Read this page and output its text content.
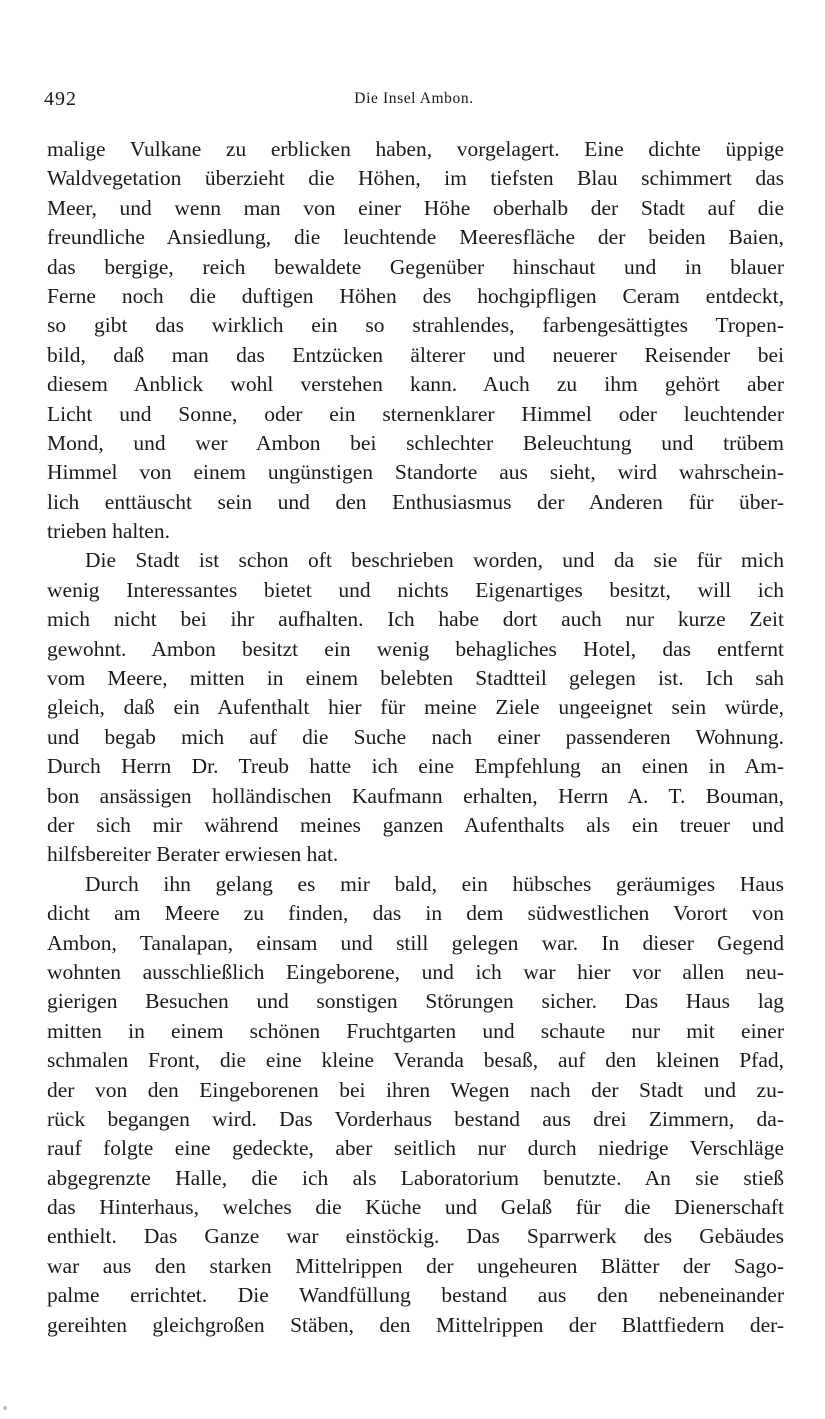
492	Die Insel Ambon.
malige Vulkane zu erblicken haben, vorgelagert. Eine dichte üppige
Waldvegetation überzieht die Höhen, im tiefsten Blau schimmert das
Meer, und wenn man von einer Höhe oberhalb der Stadt auf die
freundliche Ansiedlung, die leuchtende Meeresfläche der beiden Baien,
das bergige, reich bewaldete Gegenüber hinschaut und in blauer
Ferne noch die duftigen Höhen des hochgipfligen Ceram entdeckt,
so gibt das wirklich ein so strahlendes, farbengesättigtes Tropen-
bild, daß man das Entzücken älterer und neuerer Reisender bei
diesem Anblick wohl verstehen kann. Auch zu ihm gehört aber
Licht und Sonne, oder ein sternenklarer Himmel oder leuchtender
Mond, und wer Ambon bei schlechter Beleuchtung und trübem
Himmel von einem ungünstigen Standorte aus sieht, wird wahrschein-
lich enttäuscht sein und den Enthusiasmus der Anderen für über-
trieben halten.
Die Stadt ist schon oft beschrieben worden, und da sie für mich
wenig Interessantes bietet und nichts Eigenartiges besitzt, will ich
mich nicht bei ihr aufhalten. Ich habe dort auch nur kurze Zeit
gewohnt. Ambon besitzt ein wenig behagliches Hotel, das entfernt
vom Meere, mitten in einem belebten Stadtteil gelegen ist. Ich sah
gleich, daß ein Aufenthalt hier für meine Ziele ungeeignet sein würde,
und begab mich auf die Suche nach einer passenderen Wohnung.
Durch Herrn Dr. Treub hatte ich eine Empfehlung an einen in Am-
bon ansässigen holländischen Kaufmann erhalten, Herrn A. T. Bouman,
der sich mir während meines ganzen Aufenthalts als ein treuer und
hilfsbereiter Berater erwiesen hat.
Durch ihn gelang es mir bald, ein hübsches geräumiges Haus
dicht am Meere zu finden, das in dem südwestlichen Vorort von
Ambon, Tanalapan, einsam und still gelegen war. In dieser Gegend
wohnten ausschließlich Eingeborene, und ich war hier vor allen neu-
gierigen Besuchen und sonstigen Störungen sicher. Das Haus lag
mitten in einem schönen Fruchtgarten und schaute nur mit einer
schmalen Front, die eine kleine Veranda besaß, auf den kleinen Pfad,
der von den Eingeborenen bei ihren Wegen nach der Stadt und zu-
rück begangen wird. Das Vorderhaus bestand aus drei Zimmern, da-
rauf folgte eine gedeckte, aber seitlich nur durch niedrige Verschläge
abgegrenzte Halle, die ich als Laboratorium benutzte. An sie stieß
das Hinterhaus, welches die Küche und Gelaß für die Dienerschaft
enthielt. Das Ganze war einstöckig. Das Sparrwerk des Gebäudes
war aus den starken Mittelrippen der ungeheuren Blätter der Sago-
palme errichtet. Die Wandfüllung bestand aus den nebeneinander
gereihten gleichgroßen Stäben, den Mittelrippen der Blattfiedern der-
